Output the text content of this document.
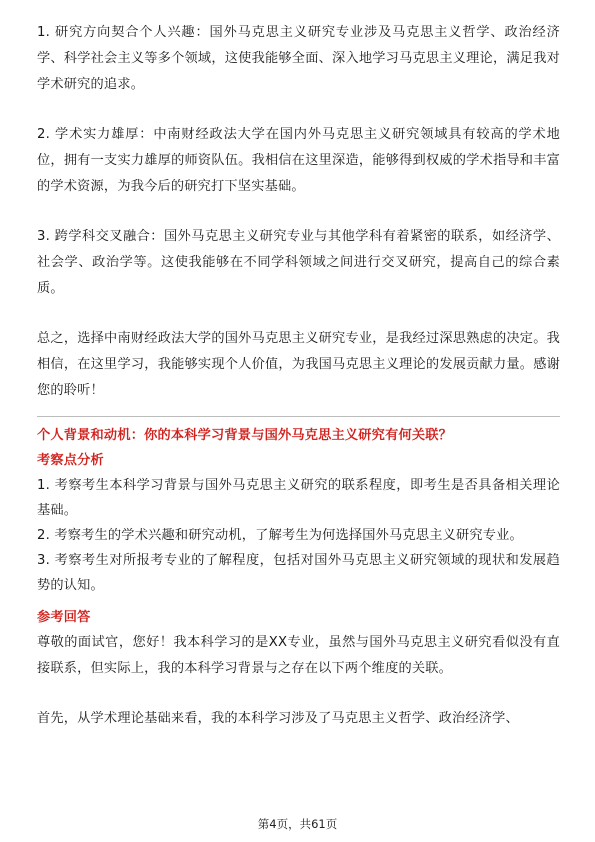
1. 研究方向契合个人兴趣：国外马克思主义研究专业涉及马克思主义哲学、政治经济学、科学社会主义等多个领域，这使我能够全面、深入地学习马克思主义理论，满足我对学术研究的追求。

2. 学术实力雄厚：中南财经政法大学在国内外马克思主义研究领域具有较高的学术地位，拥有一支实力雄厚的师资队伍。我相信在这里深造，能够得到权威的学术指导和丰富的学术资源，为我今后的研究打下坚实基础。

3. 跨学科交叉融合：国外马克思主义研究专业与其他学科有着紧密的联系，如经济学、社会学、政治学等。这使我能够在不同学科领域之间进行交叉研究，提高自己的综合素质。

总之，选择中南财经政法大学的国外马克思主义研究专业，是我经过深思熟虑的决定。我相信，在这里学习，我能够实现个人价值，为我国马克思主义理论的发展贡献力量。感谢您的聆听！

个人背景和动机：你的本科学习背景与国外马克思主义研究有何关联？

考察点分析

1. 考察考生本科学习背景与国外马克思主义研究的联系程度，即考生是否具备相关理论基础。

2. 考察考生的学术兴趣和研究动机，了解考生为何选择国外马克思主义研究专业。

3. 考察考生对所报考专业的了解程度，包括对国外马克思主义研究领域的现状和发展趋势的认知。

参考回答

尊敬的面试官，您好！我本科学习的是XX专业，虽然与国外马克思主义研究看似没有直接联系，但实际上，我的本科学习背景与之存在以下两个维度的关联。

首先，从学术理论基础来看，我的本科学习涉及了马克思主义哲学、政治经济学、

第4页，共61页
